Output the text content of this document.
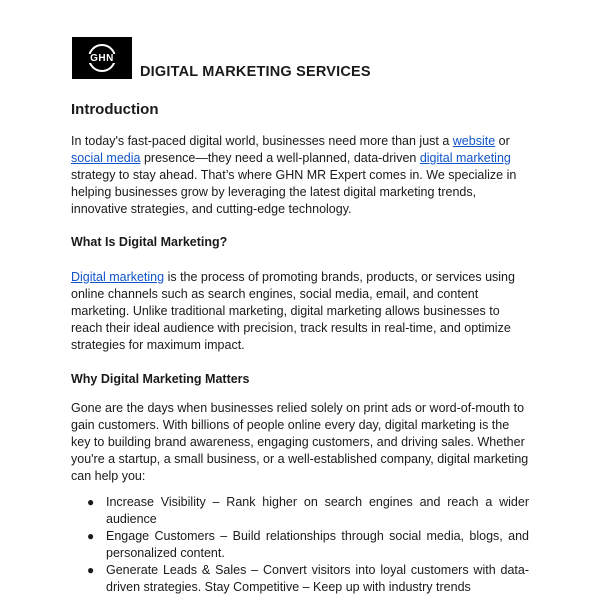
GHN
DIGITAL MARKETING SERVICES
Introduction

In today's fast-paced digital world, businesses need more than just a website or social media presence—they need a well-planned, data-driven digital marketing strategy to stay ahead. That’s where GHN MR Expert comes in. We specialize in helping businesses grow by leveraging the latest digital marketing trends, innovative strategies, and cutting-edge technology.

What Is Digital Marketing?

Digital marketing is the process of promoting brands, products, or services using online channels such as search engines, social media, email, and content marketing. Unlike traditional marketing, digital marketing allows businesses to reach their ideal audience with precision, track results in real-time, and optimize strategies for maximum impact.

Why Digital Marketing Matters

Gone are the days when businesses relied solely on print ads or word-of-mouth to gain customers. With billions of people online every day, digital marketing is the key to building brand awareness, engaging customers, and driving sales. Whether you're a startup, a small business, or a well-established company, digital marketing can help you:

● Increase Visibility – Rank higher on search engines and reach a wider audience
● Engage Customers – Build relationships through social media, blogs, and personalized content.
● Generate Leads & Sales – Convert visitors into loyal customers with data-driven strategies. Stay Competitive – Keep up with industry trends
